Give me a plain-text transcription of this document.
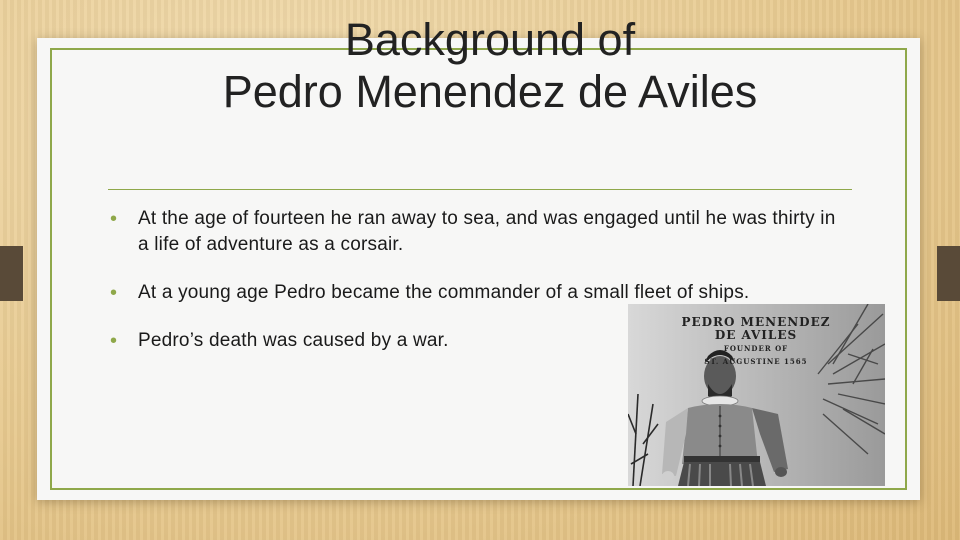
Background of
Pedro Menendez de Aviles
• At the age of fourteen he ran away to sea, and was engaged until he was thirty in a life of adventure as a corsair.
• At a young age Pedro became the commander of a small fleet of ships.
• Pedro’s death was caused by a war.
PEDRO MENENDEZ
DE AVILES
FOUNDER OF
ST. AUGUSTINE 1565
